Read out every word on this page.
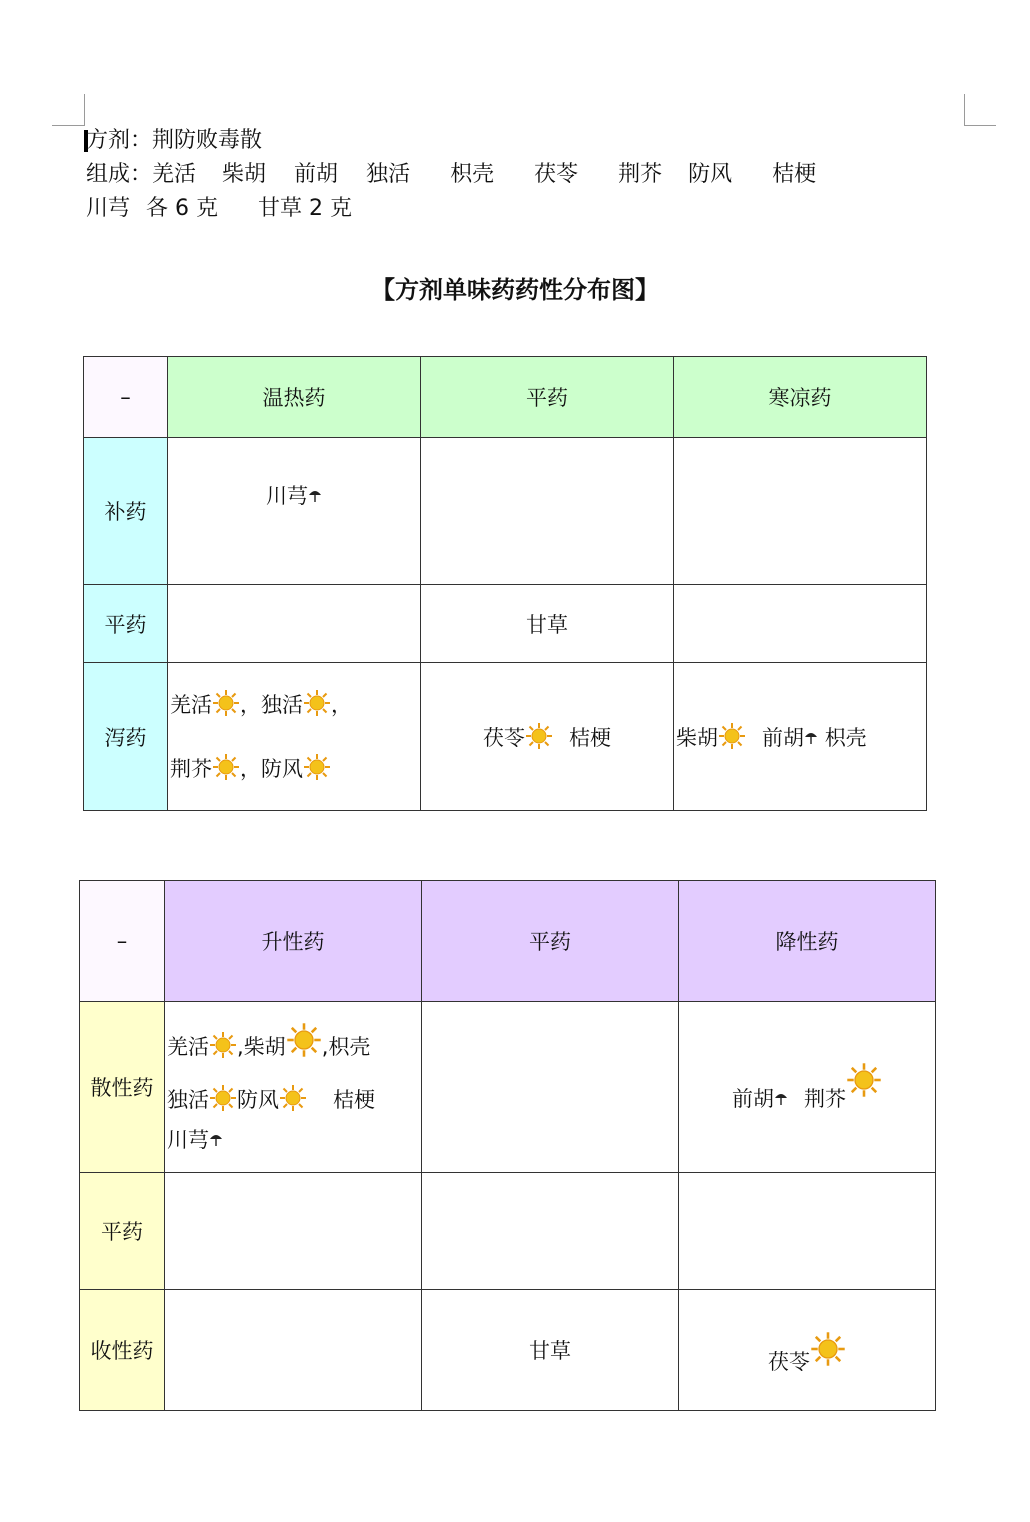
方剂：荆防败毒散
组成：羌活 柴胡 前胡 独活 枳壳 茯苓 荆芥 防风 桔梗
川芎 各 6 克 甘草 2 克
【方剂单味药药性分布图】
–	温热药	平药	寒凉药
补药	川芎		
平药		甘草	
泻药	羌活 ，独活 ，
荆芥 ，防风	茯苓 桔梗	柴胡 前胡 枳壳
–	升性药	平药	降性药
散性药	羌活 ,柴胡 ,枳壳
独活 防风 桔梗
川芎		前胡 荆芥
平药			
收性药		甘草	茯苓
